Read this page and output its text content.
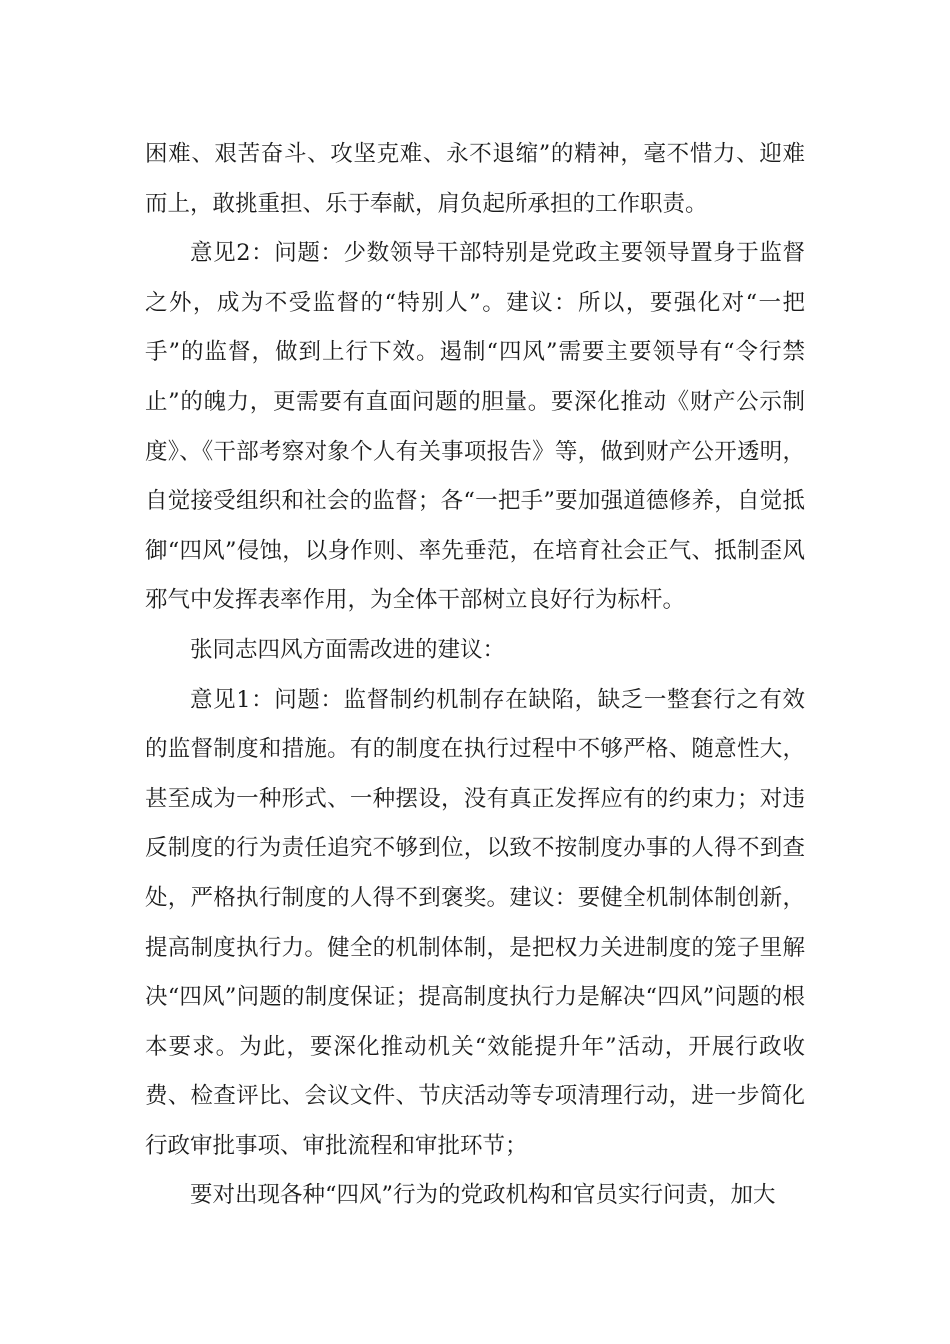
困难、艰苦奋斗、攻坚克难、永不退缩”的精神，毫不惜力、迎难而上，敢挑重担、乐于奉献，肩负起所承担的工作职责。

意见2：问题：少数领导干部特别是党政主要领导置身于监督之外，成为不受监督的“特别人”。建议：所以，要强化对“一把手”的监督，做到上行下效。遏制“四风”需要主要领导有“令行禁止”的魄力，更需要有直面问题的胆量。要深化推动《财产公示制度》、《干部考察对象个人有关事项报告》等，做到财产公开透明，自觉接受组织和社会的监督；各“一把手”要加强道德修养，自觉抵御“四风”侵蚀，以身作则、率先垂范，在培育社会正气、抵制歪风邪气中发挥表率作用，为全体干部树立良好行为标杆。

张同志四风方面需改进的建议：

意见1：问题：监督制约机制存在缺陷，缺乏一整套行之有效的监督制度和措施。有的制度在执行过程中不够严格、随意性大，甚至成为一种形式、一种摆设，没有真正发挥应有的约束力；对违反制度的行为责任追究不够到位，以致不按制度办事的人得不到查处，严格执行制度的人得不到褒奖。建议：要健全机制体制创新，提高制度执行力。健全的机制体制，是把权力关进制度的笼子里解决“四风”问题的制度保证；提高制度执行力是解决“四风”问题的根本要求。为此，要深化推动机关“效能提升年”活动，开展行政收费、检查评比、会议文件、节庆活动等专项清理行动，进一步简化行政审批事项、审批流程和审批环节；

要对出现各种“四风”行为的党政机构和官员实行问责，加大
